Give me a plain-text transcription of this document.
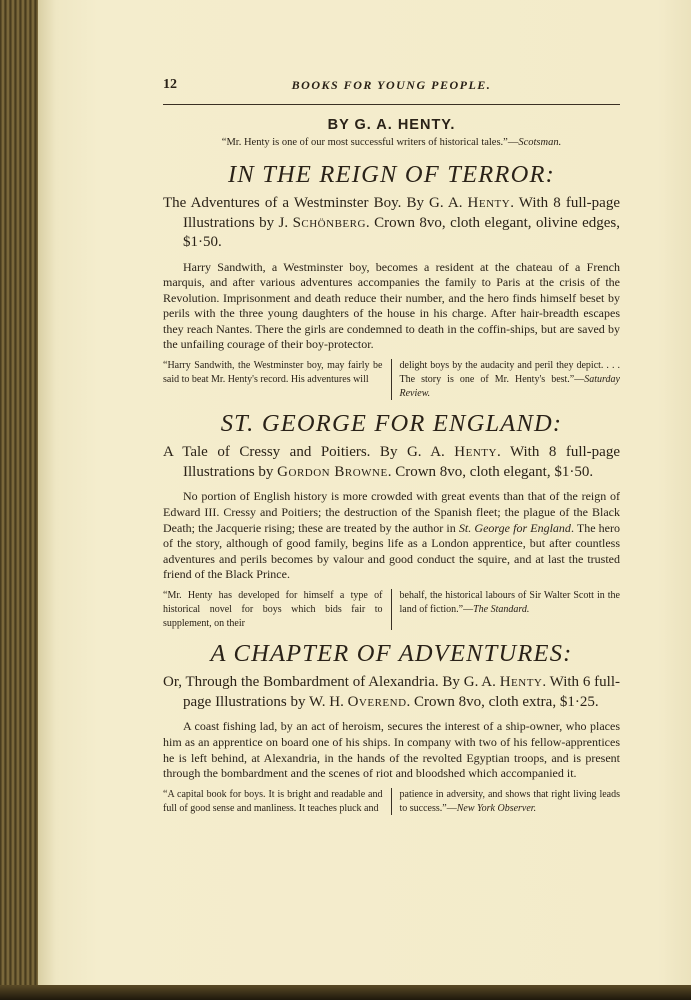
12	BOOKS FOR YOUNG PEOPLE.
BY G. A. HENTY.

“Mr. Henty is one of our most successful writers of historical tales.”—Scotsman.

IN THE REIGN OF TERROR:

The Adventures of a Westminster Boy. By G. A. Henty. With 8 full-page Illustrations by J. Schönberg. Crown 8vo, cloth elegant, olivine edges, $1·50.

Harry Sandwith, a Westminster boy, becomes a resident at the chateau of a French marquis, and after various adventures accompanies the family to Paris at the crisis of the Revolution. Imprisonment and death reduce their number, and the hero finds himself beset by perils with the three young daughters of the house in his charge. After hair-breadth escapes they reach Nantes. There the girls are condemned to death in the coffin-ships, but are saved by the unfailing courage of their boy-protector.

“Harry Sandwith, the Westminster boy, may fairly be said to beat Mr. Henty's record. His adventures will
delight boys by the audacity and peril they depict. . . . The story is one of Mr. Henty's best.”—Saturday Review.
ST. GEORGE FOR ENGLAND:

A Tale of Cressy and Poitiers. By G. A. Henty. With 8 full-page Illustrations by Gordon Browne. Crown 8vo, cloth elegant, $1·50.

No portion of English history is more crowded with great events than that of the reign of Edward III. Cressy and Poitiers; the destruction of the Spanish fleet; the plague of the Black Death; the Jacquerie rising; these are treated by the author in St. George for England. The hero of the story, although of good family, begins life as a London apprentice, but after countless adventures and perils becomes by valour and good conduct the squire, and at last the trusted friend of the Black Prince.

“Mr. Henty has developed for himself a type of historical novel for boys which bids fair to supplement, on their
behalf, the historical labours of Sir Walter Scott in the land of fiction.”—The Standard.
A CHAPTER OF ADVENTURES:

Or, Through the Bombardment of Alexandria. By G. A. Henty. With 6 full-page Illustrations by W. H. Overend. Crown 8vo, cloth extra, $1·25.

A coast fishing lad, by an act of heroism, secures the interest of a ship-owner, who places him as an apprentice on board one of his ships. In company with two of his fellow-apprentices he is left behind, at Alexandria, in the hands of the revolted Egyptian troops, and is present through the bombardment and the scenes of riot and bloodshed which accompanied it.

“A capital book for boys. It is bright and readable and full of good sense and manliness. It teaches pluck and
patience in adversity, and shows that right living leads to success.”—New York Observer.
